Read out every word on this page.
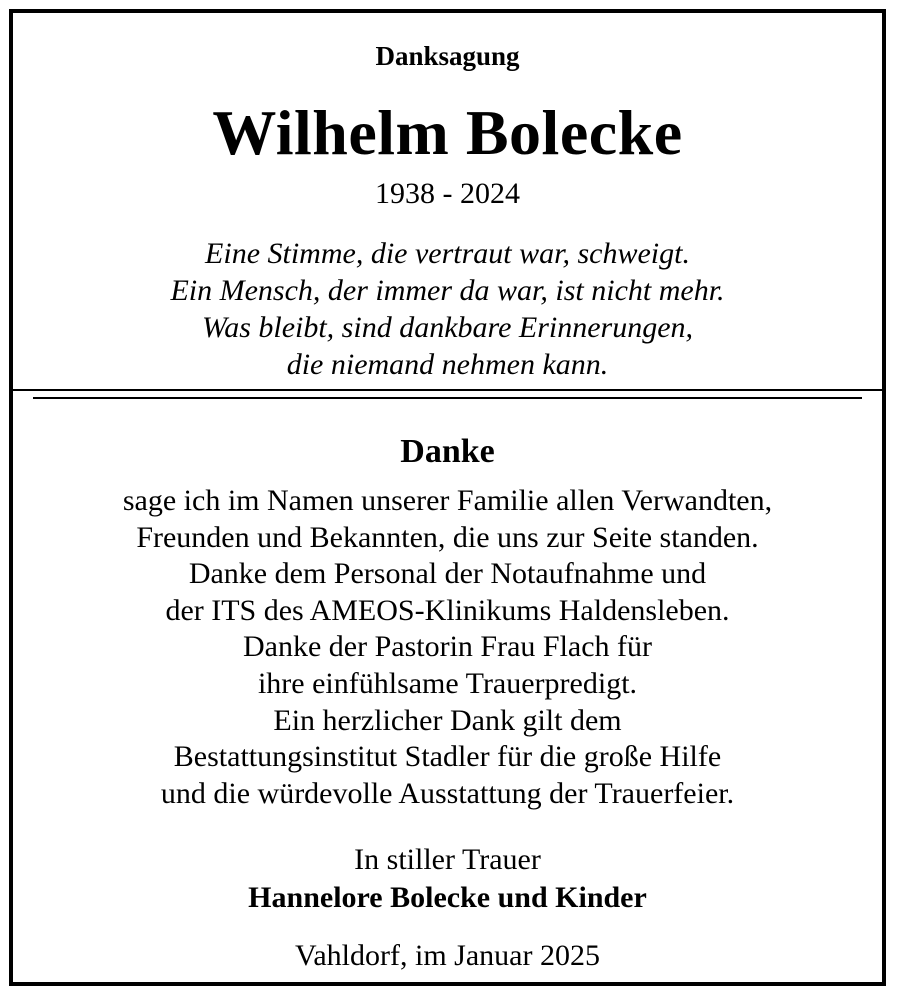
Danksagung
Wilhelm Bolecke
1938 - 2024
Eine Stimme, die vertraut war, schweigt.
Ein Mensch, der immer da war, ist nicht mehr.
Was bleibt, sind dankbare Erinnerungen,
die niemand nehmen kann.
Danke
sage ich im Namen unserer Familie allen Verwandten,
Freunden und Bekannten, die uns zur Seite standen.
Danke dem Personal der Notaufnahme und
der ITS des AMEOS-Klinikums Haldensleben.
Danke der Pastorin Frau Flach für
ihre einfühlsame Trauerpredigt.
Ein herzlicher Dank gilt dem
Bestattungsinstitut Stadler für die große Hilfe
und die würdevolle Ausstattung der Trauerfeier.
In stiller Trauer
Hannelore Bolecke und Kinder
Vahldorf, im Januar 2025
